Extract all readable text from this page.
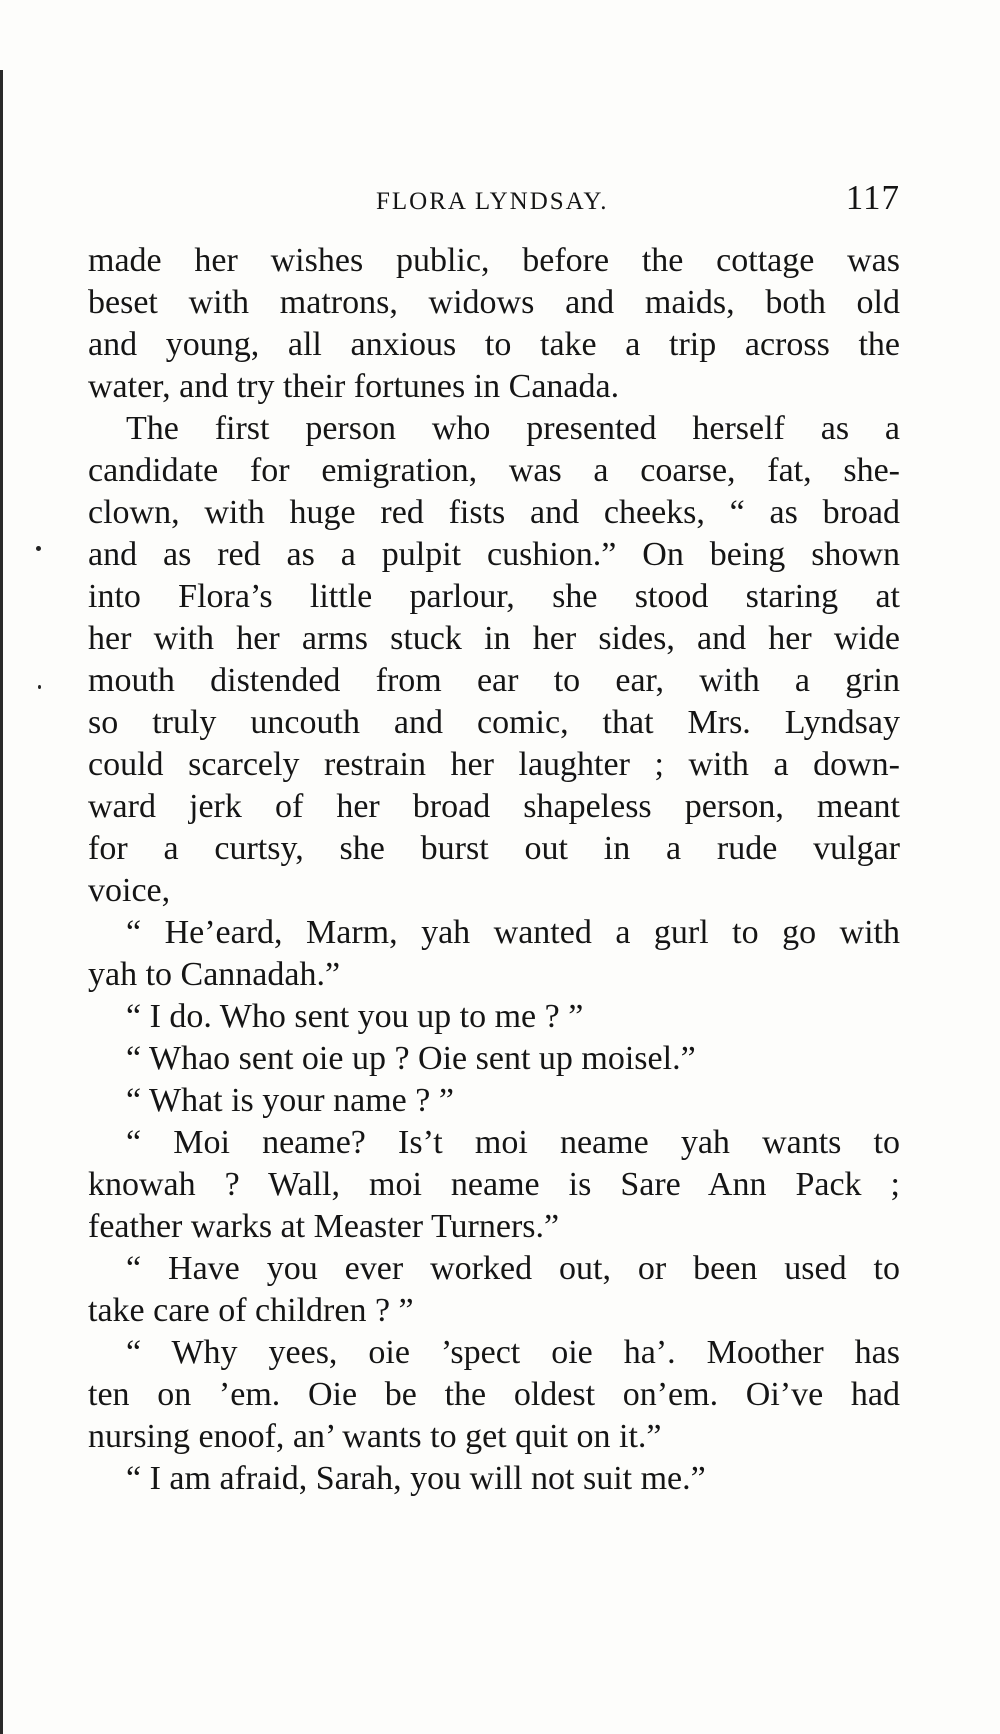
FLORA LYNDSAY.	117
made her wishes public, before the cottage was
beset with matrons, widows and maids, both old
and young, all anxious to take a trip across the
water, and try their fortunes in Canada.
The first person who presented herself as a
candidate for emigration, was a coarse, fat, she-
clown, with huge red fists and cheeks, “ as broad
and as red as a pulpit cushion.” On being shown
into Flora’s little parlour, she stood staring at
her with her arms stuck in her sides, and her wide
mouth distended from ear to ear, with a grin
so truly uncouth and comic, that Mrs. Lyndsay
could scarcely restrain her laughter ; with a down-
ward jerk of her broad shapeless person, meant
for a curtsy, she burst out in a rude vulgar
voice,
“ He’eard, Marm, yah wanted a gurl to go with
yah to Cannadah.”
“ I do. Who sent you up to me ? ”
“ Whao sent oie up ? Oie sent up moisel.”
“ What is your name ? ”
“ Moi neame? Is’t moi neame yah wants to
knowah ? Wall, moi neame is Sare Ann Pack ;
feather warks at Measter Turners.”
“ Have you ever worked out, or been used to
take care of children ? ”
“ Why yees, oie ’spect oie ha’. Moother has
ten on ’em. Oie be the oldest on’em. Oi’ve had
nursing enoof, an’ wants to get quit on it.”
“ I am afraid, Sarah, you will not suit me.”
